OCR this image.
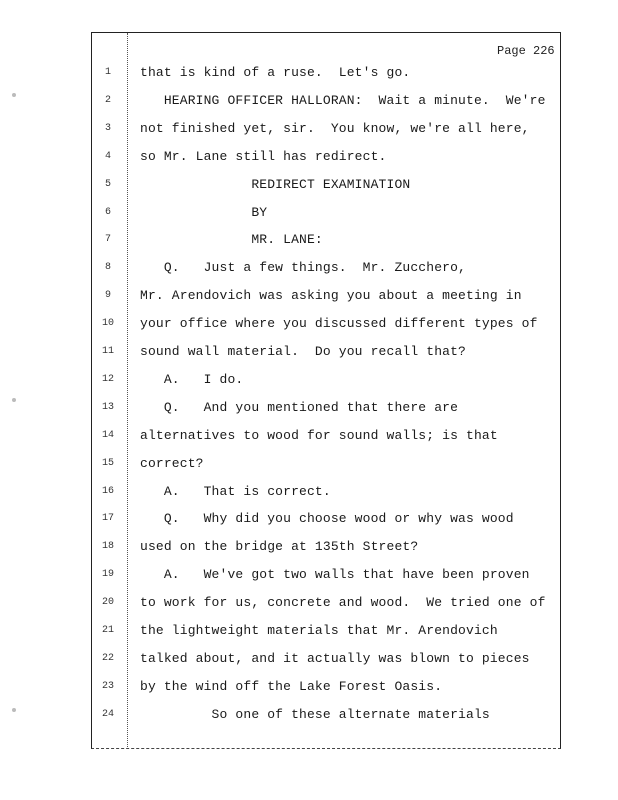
Page 226
1	that is kind of a ruse.  Let's go.
2	HEARING OFFICER HALLORAN:  Wait a minute.  We're
3	not finished yet, sir.  You know, we're all here,
4	so Mr. Lane still has redirect.
5	REDIRECT EXAMINATION
6	BY
7	MR. LANE:
8	Q.   Just a few things.  Mr. Zucchero,
9	Mr. Arendovich was asking you about a meeting in
10	your office where you discussed different types of
11	sound wall material.  Do you recall that?
12	A.   I do.
13	Q.   And you mentioned that there are
14	alternatives to wood for sound walls; is that
15	correct?
16	A.   That is correct.
17	Q.   Why did you choose wood or why was wood
18	used on the bridge at 135th Street?
19	A.   We've got two walls that have been proven
20	to work for us, concrete and wood.  We tried one of
21	the lightweight materials that Mr. Arendovich
22	talked about, and it actually was blown to pieces
23	by the wind off the Lake Forest Oasis.
24	So one of these alternate materials
